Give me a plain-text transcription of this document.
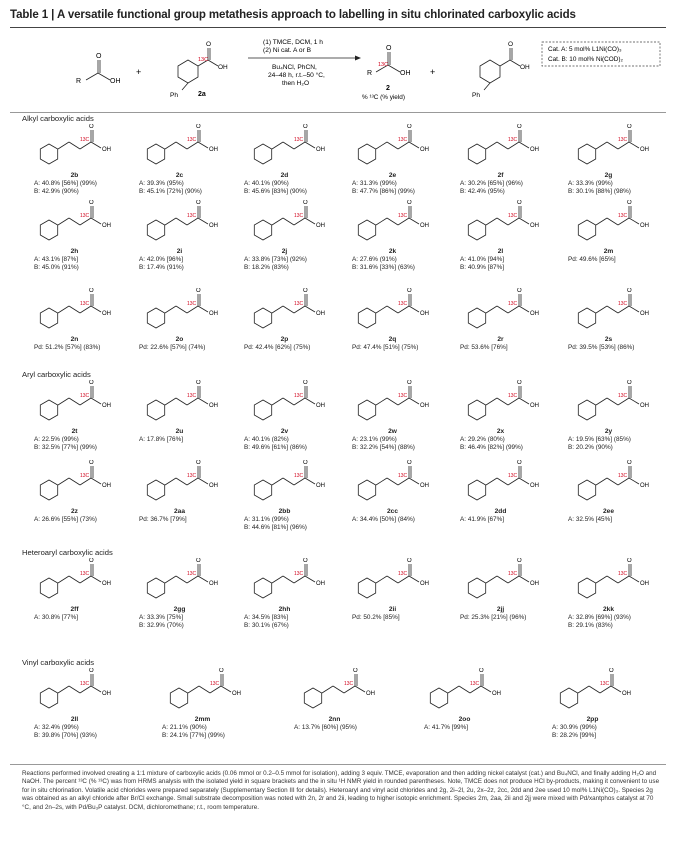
Table 1 | A versatile functional group metathesis approach to labelling in situ chlorinated carboxylic acids
R
O
OH
+
Ph
O
13C
OH
2a
(1) TMCE, DCM, 1 h
(2) Ni cat. A or B
Bu₄NCl, PhCN,
24–48 h, r.t.–50 °C,
then H₂O
R
O
13C
OH
2
% ¹³C (% yield)
+
Ph
O
OH
Cat. A: 5 mol% L1Ni(CO)₃
Cat. B: 10 mol% Ni(COD)₂
Alkyl carboxylic acids
Aryl carboxylic acids
Heteroaryl carboxylic acids
Vinyl carboxylic acids
O
13C
OH
2b
A: 40.8% [56%] (99%)
B: 42.9% (90%)
O
13C
OH
2c
A: 39.3% (95%)
B: 45.1% [72%] (90%)
O
13C
OH
2d
A: 40.1% (90%)
B: 45.6% [83%] (90%)
O
13C
OH
2e
A: 31.3% (99%)
B: 47.7% [86%] (99%)
O
13C
OH
2f
A: 30.2% [65%] (96%)
B: 42.4% (95%)
O
13C
OH
2g
A: 33.3% (99%)
B: 30.1% [88%] (98%)
O
13C
OH
2h
A: 43.1% [87%]
B: 45.0% (91%)
O
13C
OH
2i
A: 42.0% [96%]
B: 17.4% (91%)
O
13C
OH
2j
A: 33.8% [73%] (92%)
B: 18.2% (83%)
O
13C
OH
2k
A: 27.6% (91%)
B: 31.6% [33%] (63%)
O
13C
OH
2l
A: 41.0% [94%]
B: 40.9% [87%]
O
13C
OH
2m
Pd: 49.6% [65%]
O
13C
OH
2n
Pd: 51.2% [57%] (83%)
O
13C
OH
2o
Pd: 22.6% [57%] (74%)
O
13C
OH
2p
Pd: 42.4% [62%] (75%)
O
13C
OH
2q
Pd: 47.4% [51%] (75%)
O
13C
OH
2r
Pd: 53.6% [76%]
O
13C
OH
2s
Pd: 39.5% [53%] (86%)
O
13C
OH
2t
A: 22.5% (99%)
B: 32.5% [77%] (99%)
O
13C
OH
2u
A: 17.8% [76%]
O
13C
OH
2v
A: 40.1% (82%)
B: 49.6% [61%] (86%)
O
13C
OH
2w
A: 23.1% (99%)
B: 32.2% [54%] (88%)
O
13C
OH
2x
A: 29.2% (80%)
B: 46.4% [82%] (99%)
O
13C
OH
2y
A: 19.5% [63%] (85%)
B: 20.2% (90%)
O
13C
OH
2z
A: 26.6% [55%] (73%)
O
13C
OH
2aa
Pd: 36.7% [79%]
O
13C
OH
2bb
A: 31.1% (99%)
B: 44.6% [81%] (96%)
O
13C
OH
2cc
A: 34.4% [50%] (84%)
O
13C
OH
2dd
A: 41.9% [67%]
O
13C
OH
2ee
A: 32.5% [45%]
O
13C
OH
2ff
A: 30.8% [77%]
O
13C
OH
2gg
A: 33.3% [75%]
B: 32.9% (70%)
O
13C
OH
2hh
A: 34.5% [83%]
B: 30.1% (67%)
O
13C
OH
2ii
Pd: 50.2% [85%]
O
13C
OH
2jj
Pd: 25.3% [21%] (96%)
O
13C
OH
2kk
A: 32.8% [69%] (93%)
B: 29.1% (83%)
O
13C
OH
2ll
A: 32.4% (99%)
B: 39.8% [70%] (93%)
O
13C
OH
2mm
A: 21.1% (90%)
B: 24.1% [77%] (99%)
O
13C
OH
2nn
A: 13.7% [60%] (95%)
O
13C
OH
2oo
A: 41.7% [99%]
O
13C
OH
2pp
A: 30.9% (99%)
B: 28.2% [99%]
Reactions performed involved creating a 1:1 mixture of carboxylic acids (0.06 mmol or 0.2–0.5 mmol for isolation), adding 3 equiv. TMCE, evaporation and then adding nickel catalyst (cat.) and Bu₄NCl, and finally adding H₂O and NaOH. The percent ¹³C (% ¹³C) was from HRMS analysis with the isolated yield in square brackets and the in situ ¹H NMR yield in rounded parentheses. Note, TMCE does not produce HCl by-products, making it convenient to use for in situ chlorination. Volatile acid chlorides were prepared separately (Supplementary Section III for details). Heteroaryl and vinyl acid chlorides and 2g, 2i–2l, 2u, 2x–2z, 2cc, 2dd and 2ee used 10 mol% L1Ni(CO)₃. Species 2g was obtained as an alkyl chloride after Br/Cl exchange. Small substrate decomposition was noted with 2n, 2r and 2ii, leading to higher isotopic enrichment. Species 2m, 2aa, 2ii and 2jj were mixed with Pd/xantphos catalyst at 70 °C, and 2n–2s, with Pd/Bu₃P catalyst. DCM, dichloromethane; r.t., room temperature.
